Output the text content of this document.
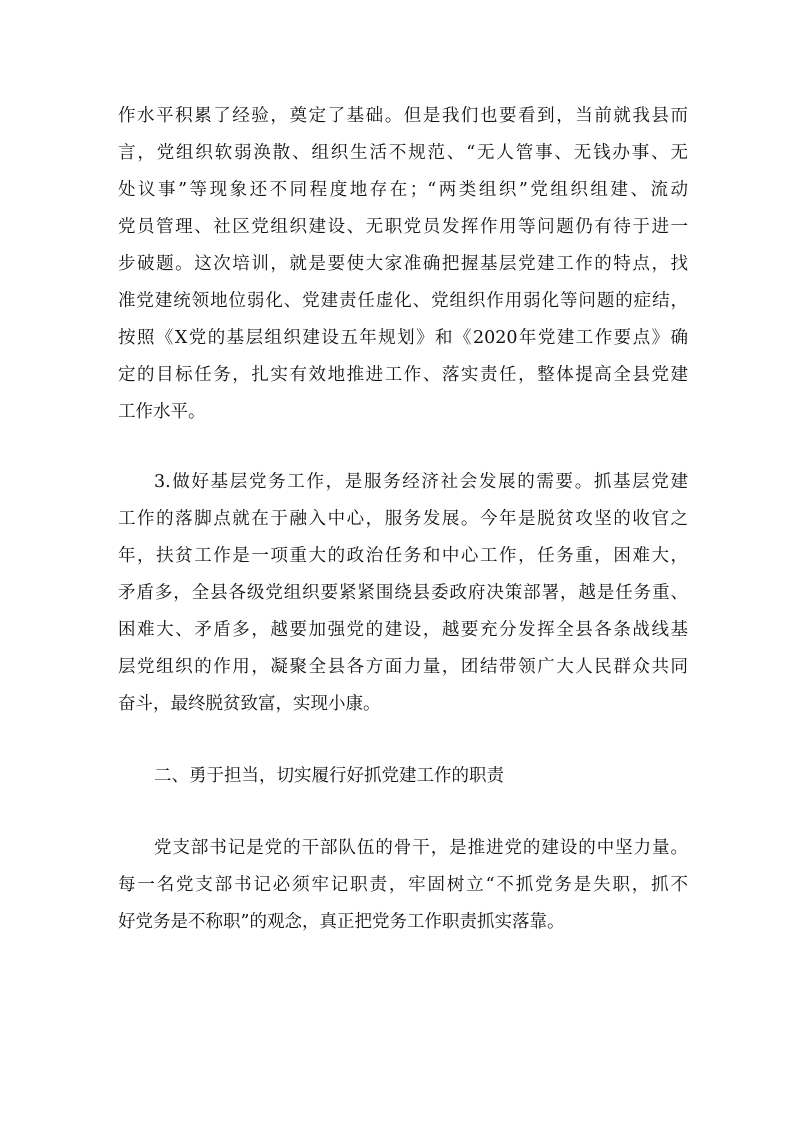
作水平积累了经验，奠定了基础。但是我们也要看到，当前就我县而
言，党组织软弱涣散、组织生活不规范、“无人管事、无钱办事、无
处议事”等现象还不同程度地存在；“两类组织”党组织组建、流动
党员管理、社区党组织建设、无职党员发挥作用等问题仍有待于进一
步破题。这次培训，就是要使大家准确把握基层党建工作的特点，找
准党建统领地位弱化、党建责任虚化、党组织作用弱化等问题的症结，
按照《X党的基层组织建设五年规划》和《2020年党建工作要点》确
定的目标任务，扎实有效地推进工作、落实责任，整体提高全县党建
工作水平。
3.做好基层党务工作，是服务经济社会发展的需要。抓基层党建
工作的落脚点就在于融入中心，服务发展。今年是脱贫攻坚的收官之
年，扶贫工作是一项重大的政治任务和中心工作，任务重，困难大，
矛盾多，全县各级党组织要紧紧围绕县委政府决策部署，越是任务重、
困难大、矛盾多，越要加强党的建设，越要充分发挥全县各条战线基
层党组织的作用，凝聚全县各方面力量，团结带领广大人民群众共同
奋斗，最终脱贫致富，实现小康。
二、勇于担当，切实履行好抓党建工作的职责
党支部书记是党的干部队伍的骨干，是推进党的建设的中坚力量。
每一名党支部书记必须牢记职责，牢固树立“不抓党务是失职，抓不
好党务是不称职”的观念，真正把党务工作职责抓实落靠。
